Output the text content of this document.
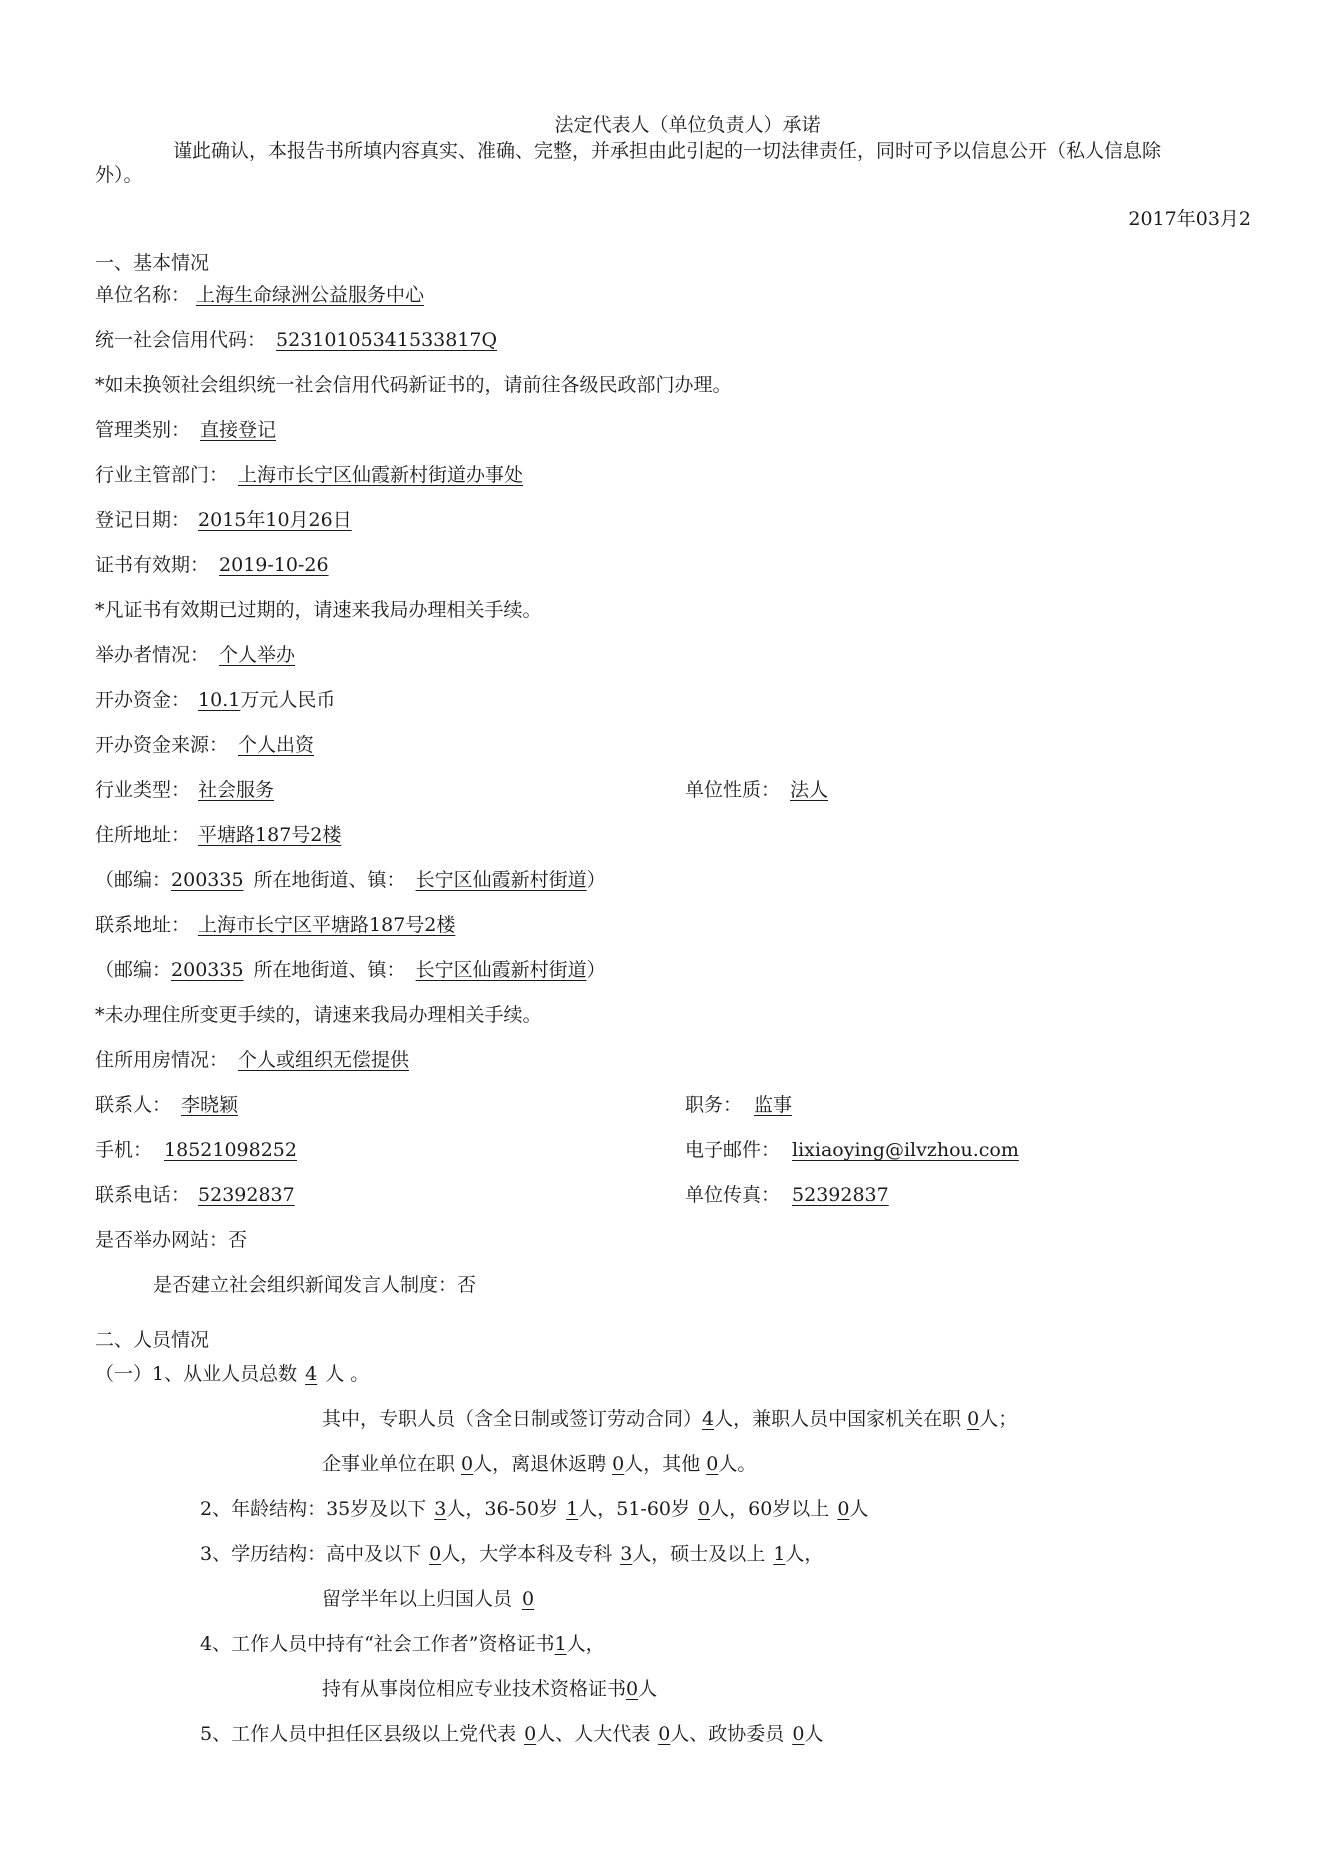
法定代表人（单位负责人）承诺
谨此确认，本报告书所填内容真实、准确、完整，并承担由此引起的一切法律责任，同时可予以信息公开（私人信息除
外）。
2017年03月2
一、基本情况
单位名称： 上海生命绿洲公益服务中心
统一社会信用代码： 52310105341533817Q
*如未换领社会组织统一社会信用代码新证书的，请前往各级民政部门办理。
管理类别： 直接登记
行业主管部门： 上海市长宁区仙霞新村街道办事处
登记日期： 2015年10月26日
证书有效期： 2019-10-26
*凡证书有效期已过期的，请速来我局办理相关手续。
举办者情况： 个人举办
开办资金： 10.1万元人民币
开办资金来源： 个人出资
行业类型： 社会服务	单位性质： 法人
住所地址： 平塘路187号2楼
（邮编：200335 所在地街道、镇： 长宁区仙霞新村街道）
联系地址： 上海市长宁区平塘路187号2楼
（邮编：200335 所在地街道、镇： 长宁区仙霞新村街道）
*未办理住所变更手续的，请速来我局办理相关手续。
住所用房情况： 个人或组织无偿提供
联系人： 李晓颖	职务： 监事
手机： 18521098252	电子邮件： lixiaoying@ilvzhou.com
联系电话： 52392837	单位传真： 52392837
是否举办网站：否
是否建立社会组织新闻发言人制度：否
二、人员情况
（一）1、从业人员总数 4 人 。
其中，专职人员（含全日制或签订劳动合同）4人，兼职人员中国家机关在职 0人；
企事业单位在职 0人，离退休返聘 0人，其他 0人。
2、年龄结构：35岁及以下 3人，36-50岁 1人，51-60岁 0人，60岁以上 0人
3、学历结构：高中及以下 0人，大学本科及专科 3人，硕士及以上 1人，
留学半年以上归国人员 0
4、工作人员中持有“社会工作者”资格证书1人，
持有从事岗位相应专业技术资格证书0人
5、工作人员中担任区县级以上党代表 0人、人大代表 0人、政协委员 0人
